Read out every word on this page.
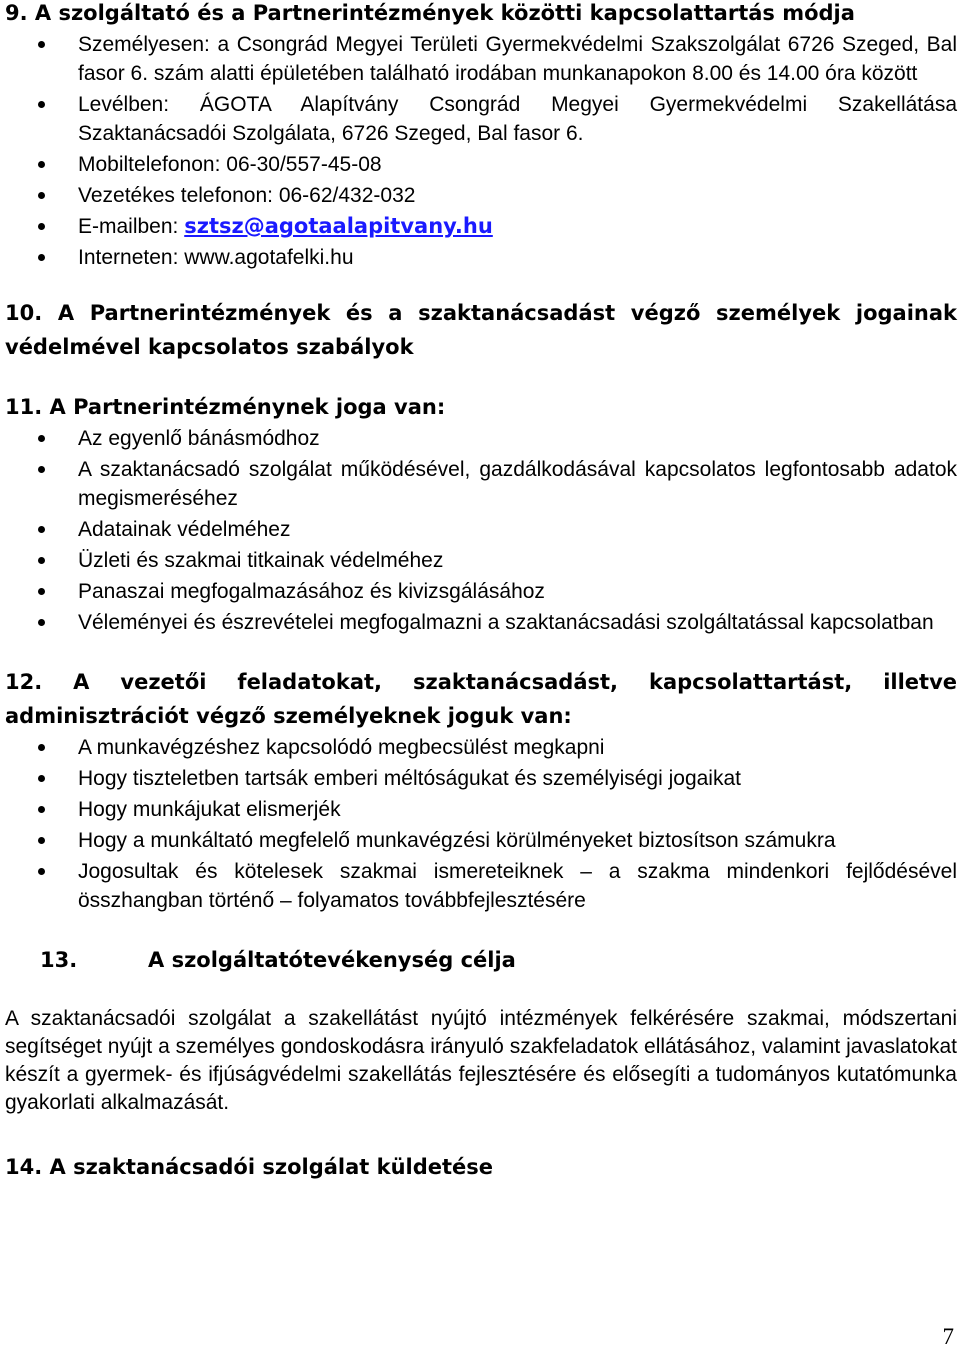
9. A szolgáltató és a Partnerintézmények közötti kapcsolattartás módja
Személyesen: a Csongrád Megyei Területi Gyermekvédelmi Szakszolgálat 6726 Szeged, Bal fasor 6. szám alatti épületében található irodában munkanapokon 8.00 és 14.00 óra között
Levélben: ÁGOTA Alapítvány Csongrád Megyei Gyermekvédelmi Szakellátása Szaktanácsadói Szolgálata, 6726 Szeged, Bal fasor 6.
Mobiltelefonon: 06-30/557-45-08
Vezetékes telefonon: 06-62/432-032
E-mailben: sztsz@agotaalapitvany.hu
Interneten: www.agotafelki.hu
10. A Partnerintézmények és a szaktanácsadást végző személyek jogainak védelmével kapcsolatos szabályok
11. A Partnerintézménynek joga van:
Az egyenlő bánásmódhoz
A szaktanácsadó szolgálat működésével, gazdálkodásával kapcsolatos legfontosabb adatok megismeréséhez
Adatainak védelméhez
Üzleti és szakmai titkainak védelméhez
Panaszai megfogalmazásához és kivizsgálásához
Véleményei és észrevételei megfogalmazni a szaktanácsadási szolgáltatással kapcsolatban
12. A vezetői feladatokat, szaktanácsadást, kapcsolattartást, illetve adminisztrációt végző személyeknek joguk van:
A munkavégzéshez kapcsolódó megbecsülést megkapni
Hogy tiszteletben tartsák emberi méltóságukat és személyiségi jogaikat
Hogy munkájukat elismerjék
Hogy a munkáltató megfelelő munkavégzési körülményeket biztosítson számukra
Jogosultak és kötelesek szakmai ismereteiknek – a szakma mindenkori fejlődésével összhangban történő – folyamatos továbbfejlesztésére
13.	A szolgáltatótevékenység célja

A szaktanácsadói szolgálat a szakellátást nyújtó intézmények felkérésére szakmai, módszertani segítséget nyújt a személyes gondoskodásra irányuló szakfeladatok ellátásához, valamint javaslatokat készít a gyermek- és ifjúságvédelmi szakellátás fejlesztésére és elősegíti a tudományos kutatómunka gyakorlati alkalmazását.

14. A szaktanácsadói szolgálat küldetése
7
